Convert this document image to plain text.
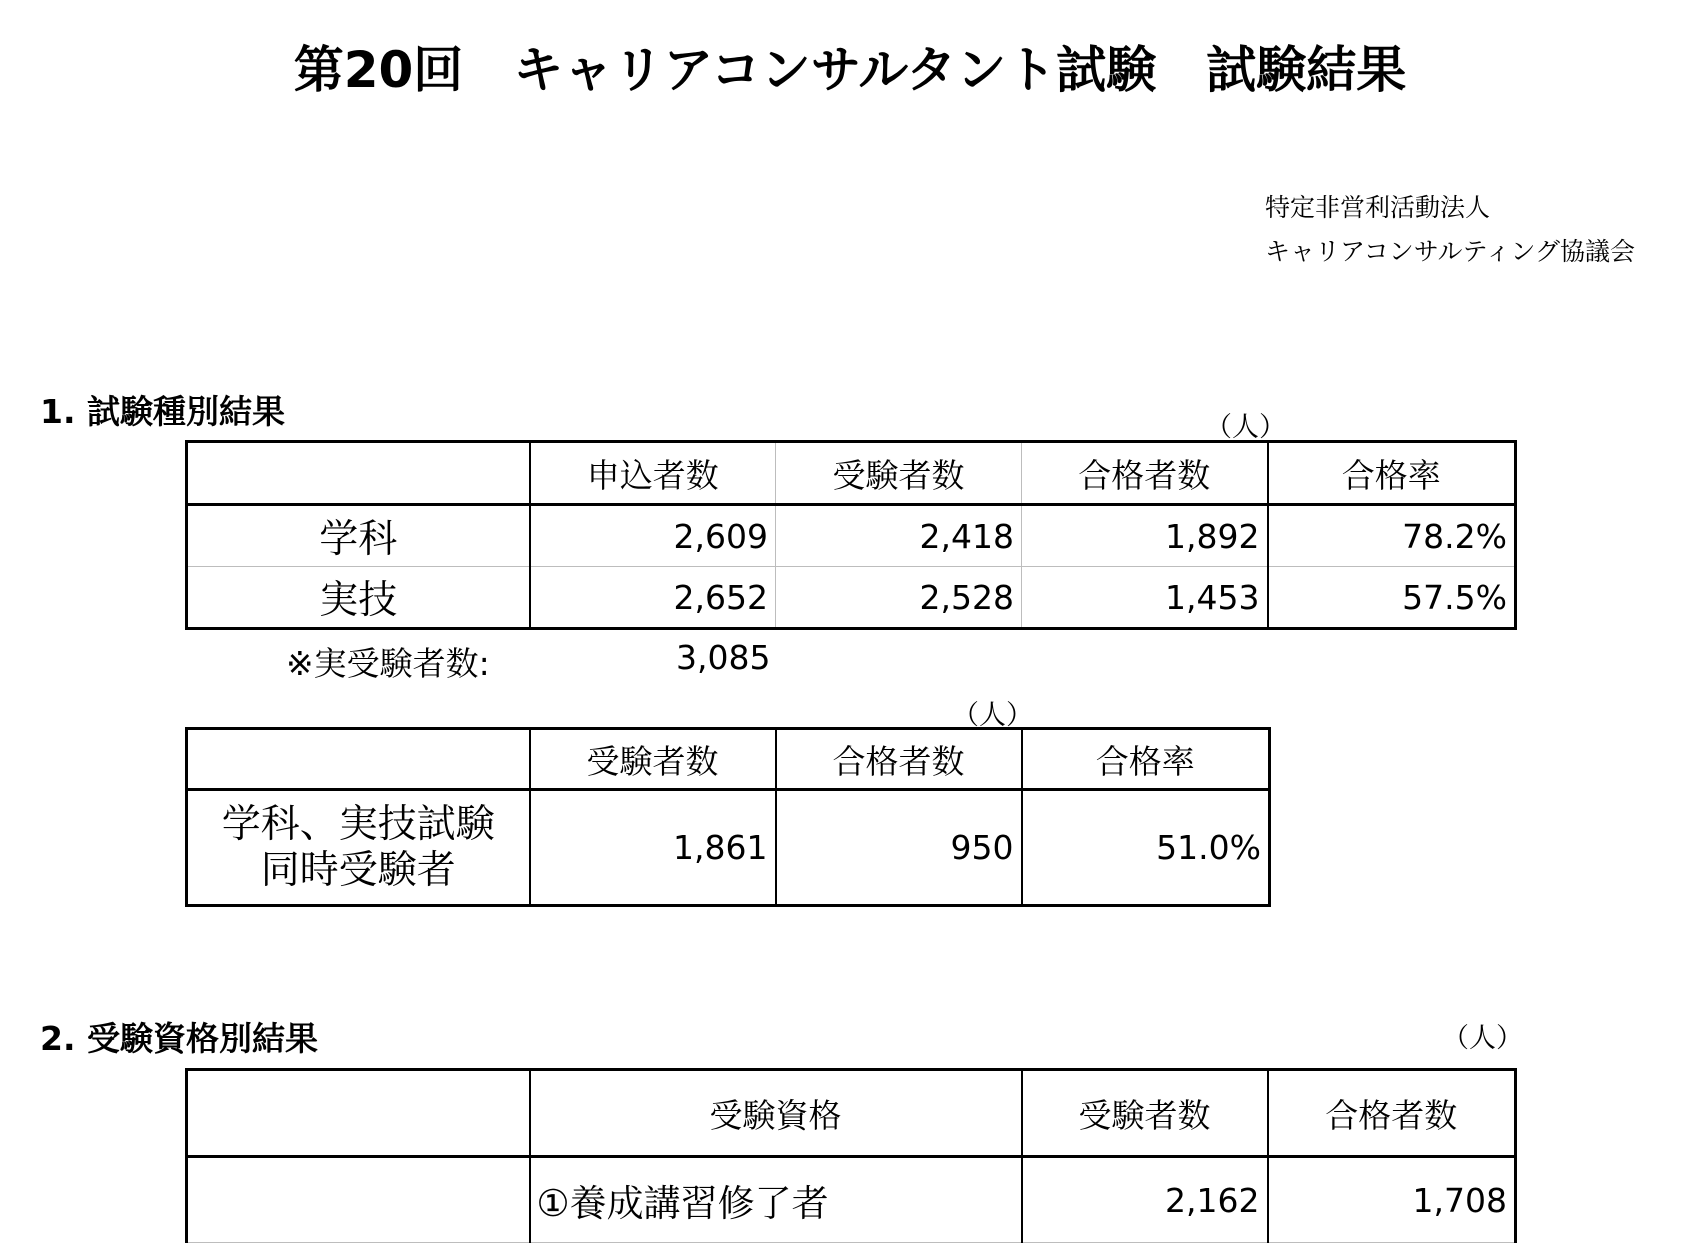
第20回　キャリアコンサルタント試験　試験結果
特定非営利活動法人
キャリアコンサルティング協議会
1. 試験種別結果	（人）
	申込者数	受験者数	合格者数	合格率
学科	2,609	2,418	1,892	78.2%
実技	2,652	2,528	1,453	57.5%
※実受験者数:	3,085
（人）
	受験者数	合格者数	合格率

学科、実技試験
同時受験者	1,861	950	51.0%
2. 受験資格別結果	（人）
	受験資格	受験者数	合格者数
	①養成講習修了者	2,162	1,708
